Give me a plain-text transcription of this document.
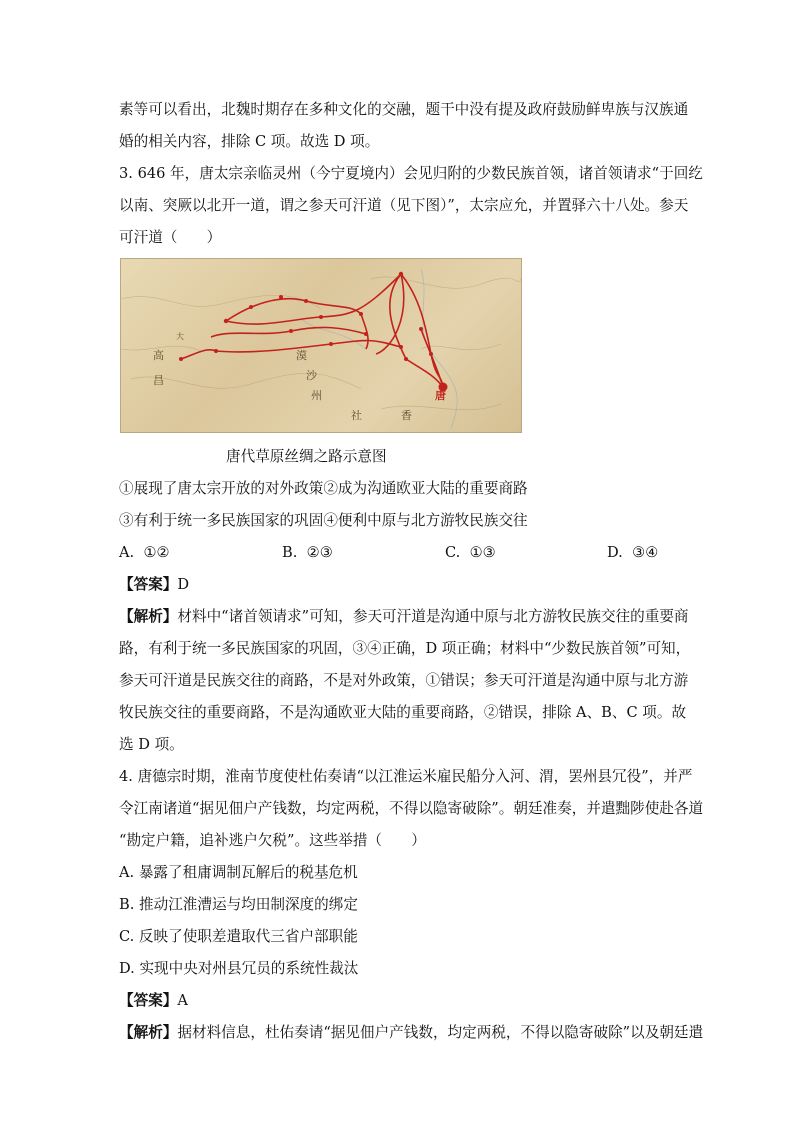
素等可以看出，北魏时期存在多种文化的交融，题干中没有提及政府鼓励鲜卑族与汉族通
婚的相关内容，排除 C 项。故选 D 项。
3. 646 年，唐太宗亲临灵州（今宁夏境内）会见归附的少数民族首领，诸首领请求“于回纥
以南、突厥以北开一道，谓之参天可汗道（见下图）”，太宗应允，并置驿六十八处。参天
可汗道（　　）
唐
高
昌
大
漠
沙
州
社	香
唐代草原丝绸之路示意图
①展现了唐太宗开放的对外政策②成为沟通欧亚大陆的重要商路
③有利于统一多民族国家的巩固④便利中原与北方游牧民族交往
A. ①②	B. ②③	C. ①③	D. ③④
【答案】D
【解析】材料中“诸首领请求”可知，参天可汗道是沟通中原与北方游牧民族交往的重要商
路，有利于统一多民族国家的巩固，③④正确，D 项正确；材料中“少数民族首领”可知，
参天可汗道是民族交往的商路，不是对外政策，①错误；参天可汗道是沟通中原与北方游
牧民族交往的重要商路，不是沟通欧亚大陆的重要商路，②错误，排除 A、B、C 项。故
选 D 项。
4. 唐德宗时期，淮南节度使杜佑奏请“以江淮运米雇民船分入河、渭，罢州县冗役”，并严
令江南诸道“据见佃户产钱数，均定两税，不得以隐寄破除”。朝廷准奏，并遣黜陟使赴各道
“勘定户籍，追补逃户欠税”。这些举措（　　）
A. 暴露了租庸调制瓦解后的税基危机
B. 推动江淮漕运与均田制深度的绑定
C. 反映了使职差遣取代三省户部职能
D. 实现中央对州县冗员的系统性裁汰
【答案】A
【解析】据材料信息，杜佑奏请“据见佃户产钱数，均定两税，不得以隐寄破除”以及朝廷遣
